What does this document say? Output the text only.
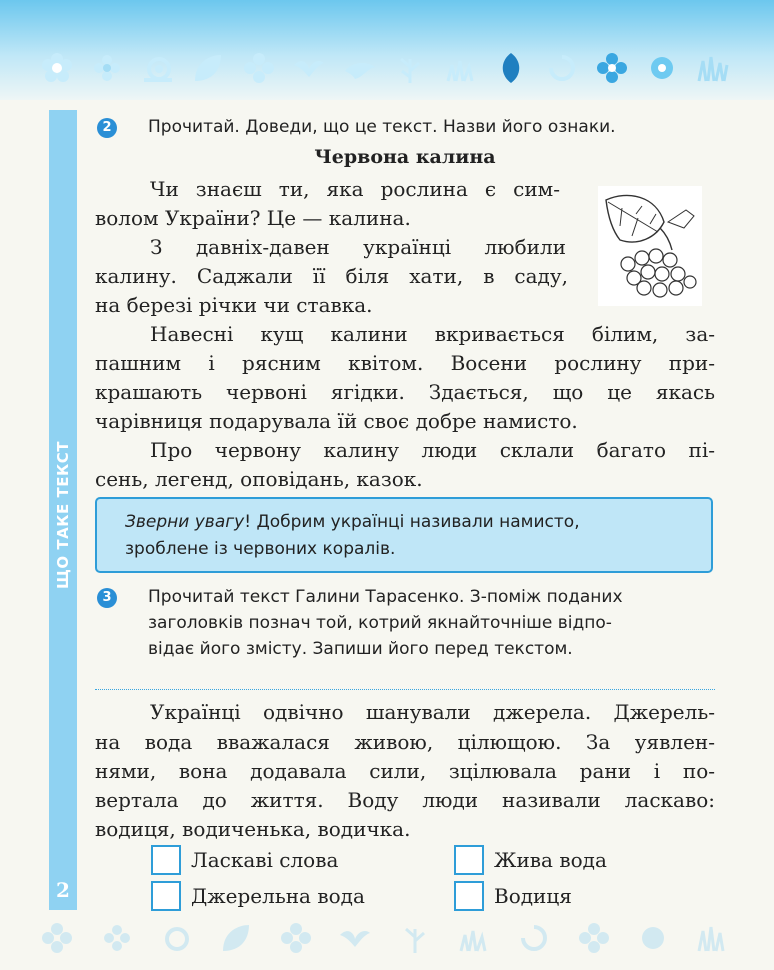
ЩО ТАКЕ ТЕКСТ
2
2	Прочитай. Доведи, що це текст. Назви його ознаки.
Червона калина
Чи знаєш ти, яка рослина є сим-
волом України? Це — калина.
З давніх-давен українці любили
калину. Саджали її біля хати, в саду,
на березі річки чи ставка.
Навесні кущ калини вкривається білим, за-
пашним і рясним квітом. Восени рослину при-
крашають червоні ягідки. Здається, що це якась
чарівниця подарувала їй своє добре намисто.
Про червону калину люди склали багато пі-
сень, легенд, оповідань, казок.
Зверни увагу! Добрим українці називали намисто,
зроблене із червоних коралів.
3	Прочитай текст Галини Тарасенко. З-поміж поданих
заголовків познач той, котрий якнайточніше відпо-
відає його змісту. Запиши його перед текстом.
Українці одвічно шанували джерела. Джерель-
на вода вважалася живою, цілющою. За уявлен-
нями, вона додавала сили, зцілювала рани і по-
вертала до життя. Воду люди називали лаcкаво:
водиця, водиченька, водичка.
Ласкаві слова	Жива вода
Джерельна вода	Водиця
